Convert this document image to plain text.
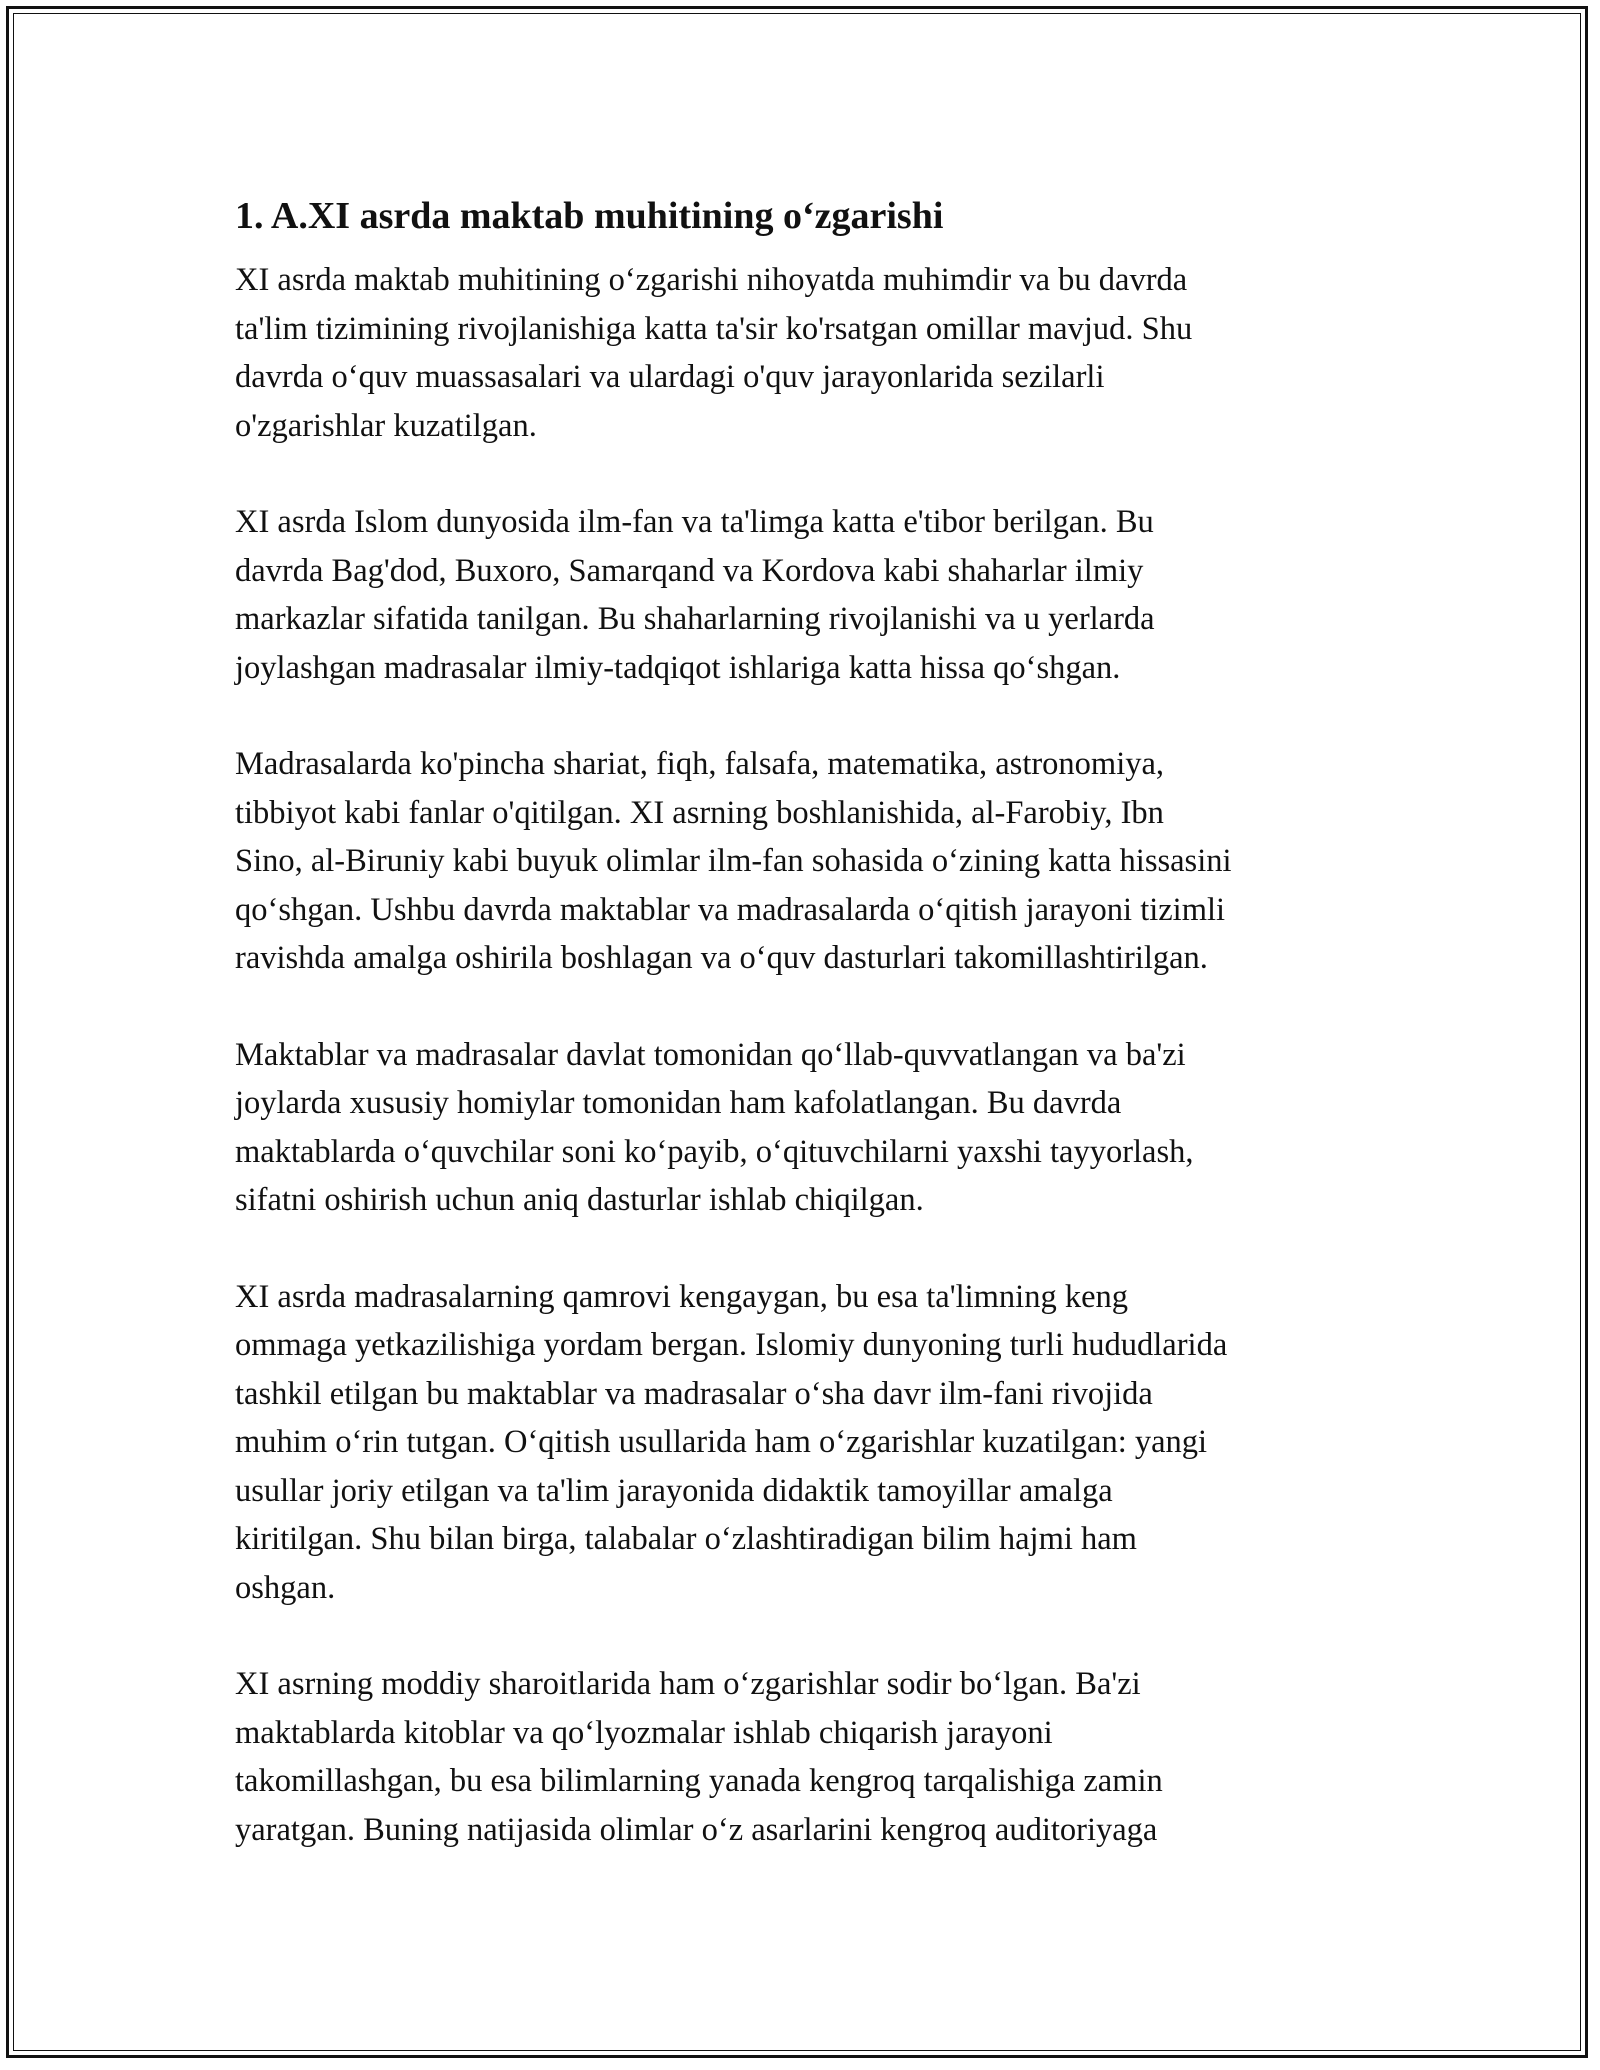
1. A.XI asrda maktab muhitining o‘zgarishi

XI asrda maktab muhitining o‘zgarishi nihoyatda muhimdir va bu davrda
ta'lim tizimining rivojlanishiga katta ta'sir ko'rsatgan omillar mavjud. Shu
davrda o‘quv muassasalari va ulardagi o'quv jarayonlarida sezilarli
o'zgarishlar kuzatilgan.

XI asrda Islom dunyosida ilm-fan va ta'limga katta e'tibor berilgan. Bu
davrda Bag'dod, Buxoro, Samarqand va Kordova kabi shaharlar ilmiy
markazlar sifatida tanilgan. Bu shaharlarning rivojlanishi va u yerlarda
joylashgan madrasalar ilmiy-tadqiqot ishlariga katta hissa qo‘shgan.

Madrasalarda ko'pincha shariat, fiqh, falsafa, matematika, astronomiya,
tibbiyot kabi fanlar o'qitilgan. XI asrning boshlanishida, al-Farobiy, Ibn
Sino, al-Biruniy kabi buyuk olimlar ilm-fan sohasida o‘zining katta hissasini
qo‘shgan. Ushbu davrda maktablar va madrasalarda o‘qitish jarayoni tizimli
ravishda amalga oshirila boshlagan va o‘quv dasturlari takomillashtirilgan.

Maktablar va madrasalar davlat tomonidan qo‘llab-quvvatlangan va ba'zi
joylarda xususiy homiylar tomonidan ham kafolatlangan. Bu davrda
maktablarda o‘quvchilar soni ko‘payib, o‘qituvchilarni yaxshi tayyorlash,
sifatni oshirish uchun aniq dasturlar ishlab chiqilgan.

XI asrda madrasalarning qamrovi kengaygan, bu esa ta'limning keng
ommaga yetkazilishiga yordam bergan. Islomiy dunyoning turli hududlarida
tashkil etilgan bu maktablar va madrasalar o‘sha davr ilm-fani rivojida
muhim o‘rin tutgan. O‘qitish usullarida ham o‘zgarishlar kuzatilgan: yangi
usullar joriy etilgan va ta'lim jarayonida didaktik tamoyillar amalga
kiritilgan. Shu bilan birga, talabalar o‘zlashtiradigan bilim hajmi ham
oshgan.

XI asrning moddiy sharoitlarida ham o‘zgarishlar sodir bo‘lgan. Ba'zi
maktablarda kitoblar va qo‘lyozmalar ishlab chiqarish jarayoni
takomillashgan, bu esa bilimlarning yanada kengroq tarqalishiga zamin
yaratgan. Buning natijasida olimlar o‘z asarlarini kengroq auditoriyaga
